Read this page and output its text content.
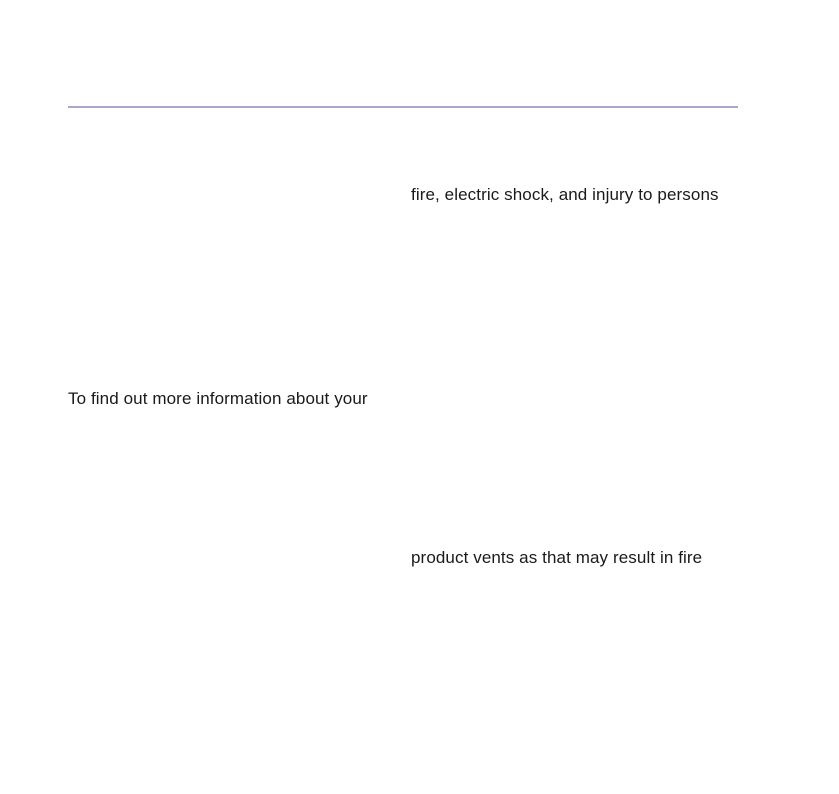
fire, electric shock, and injury to persons
To find out more information about your
product vents as that may result in fire
